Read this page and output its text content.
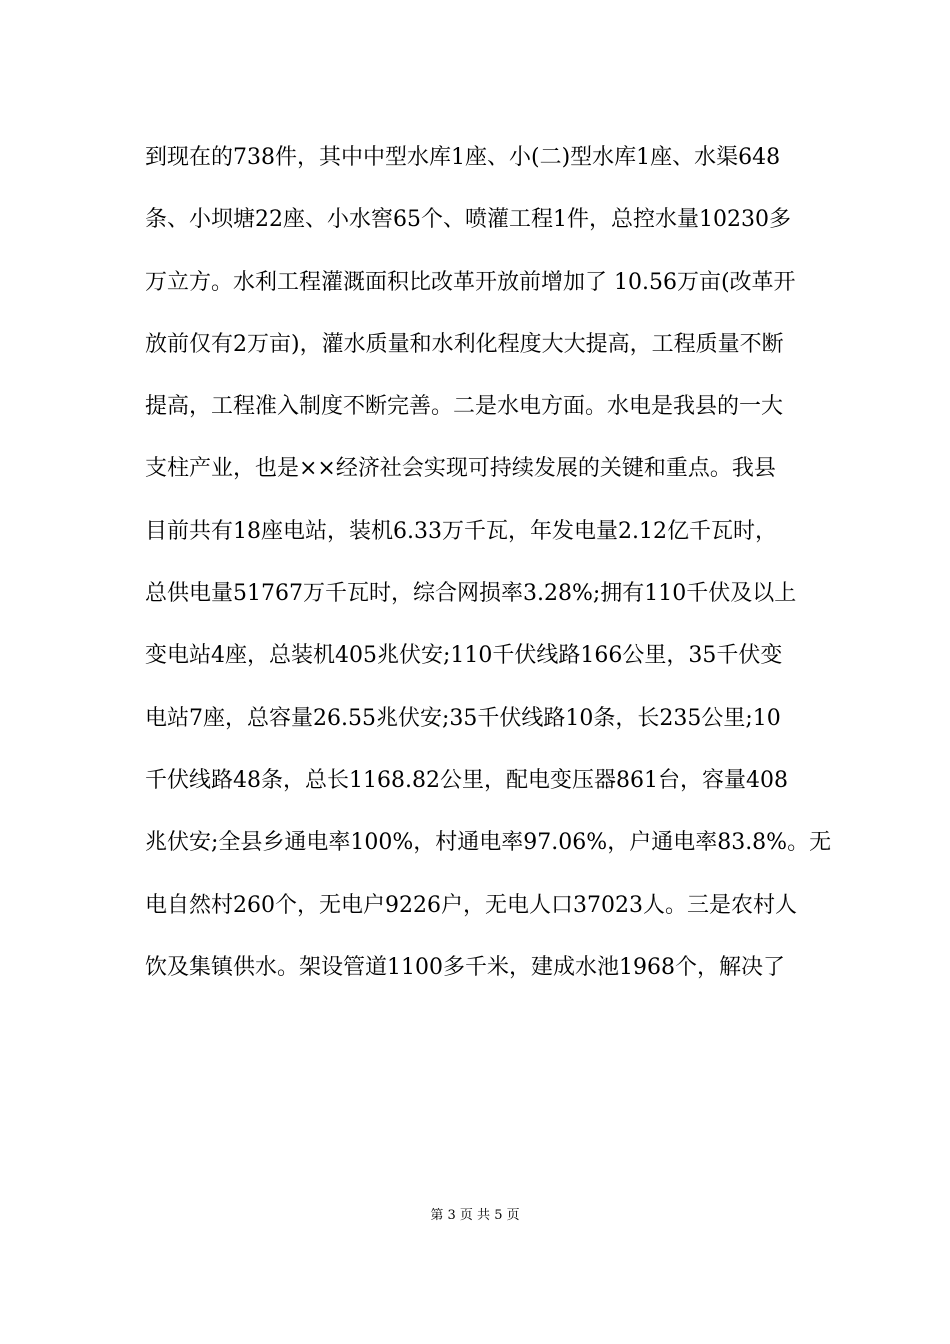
到现在的738件，其中中型水库1座、小(二)型水库1座、水渠648
条、小坝塘22座、小水窖65个、喷灌工程1件，总控水量10230多
万立方。水利工程灌溉面积比改革开放前增加了 10.56万亩(改革开
放前仅有2万亩)，灌水质量和水利化程度大大提高，工程质量不断
提高，工程准入制度不断完善。二是水电方面。水电是我县的一大
支柱产业，也是××经济社会实现可持续发展的关键和重点。我县
目前共有18座电站，装机6.33万千瓦，年发电量2.12亿千瓦时，
总供电量51767万千瓦时，综合网损率3.28%;拥有110千伏及以上
变电站4座，总装机405兆伏安;110千伏线路166公里，35千伏变
电站7座，总容量26.55兆伏安;35千伏线路10条，长235公里;10
千伏线路48条，总长1168.82公里，配电变压器861台，容量408
兆伏安;全县乡通电率100%，村通电率97.06%，户通电率83.8%。无
电自然村260个，无电户9226户，无电人口37023人。三是农村人
饮及集镇供水。架设管道1100多千米，建成水池1968个，解决了
第 3 页 共 5 页
